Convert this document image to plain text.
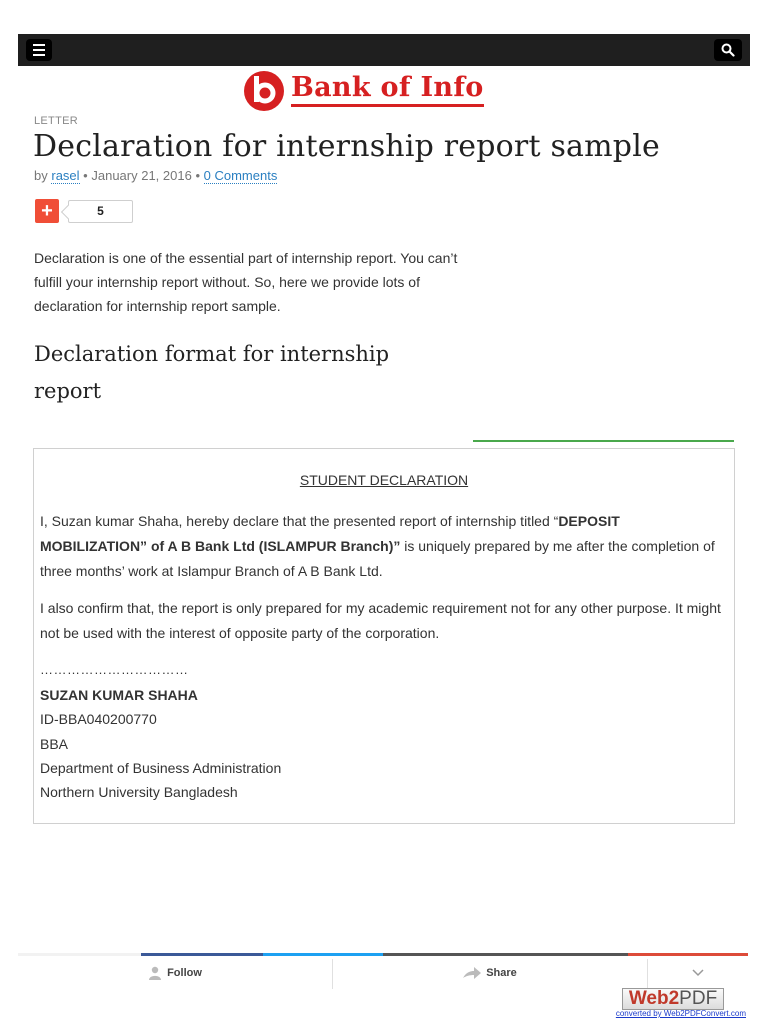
Bank of Info
LETTER
Declaration for internship report sample
by rasel • January 21, 2016 • 0 Comments
+	5

Declaration is one of the essential part of internship report. You can’t fulfill your internship report without. So, here we provide lots of declaration for internship report sample.

Declaration format for internship report
STUDENT DECLARATION

I, Suzan kumar Shaha, hereby declare that the presented report of internship titled “DEPOSIT MOBILIZATION” of A B Bank Ltd (ISLAMPUR Branch)” is uniquely prepared by me after the completion of three months’ work at Islampur Branch of A B Bank Ltd.

I also confirm that, the report is only prepared for my academic requirement not for any other purpose. It might not be used with the interest of opposite party of the corporation.

……………………………
SUZAN KUMAR SHAHA
ID-BBA040200770
BBA
Department of Business Administration
Northern University Bangladesh
Follow	Share
Web2PDF
converted by Web2PDFConvert.com
